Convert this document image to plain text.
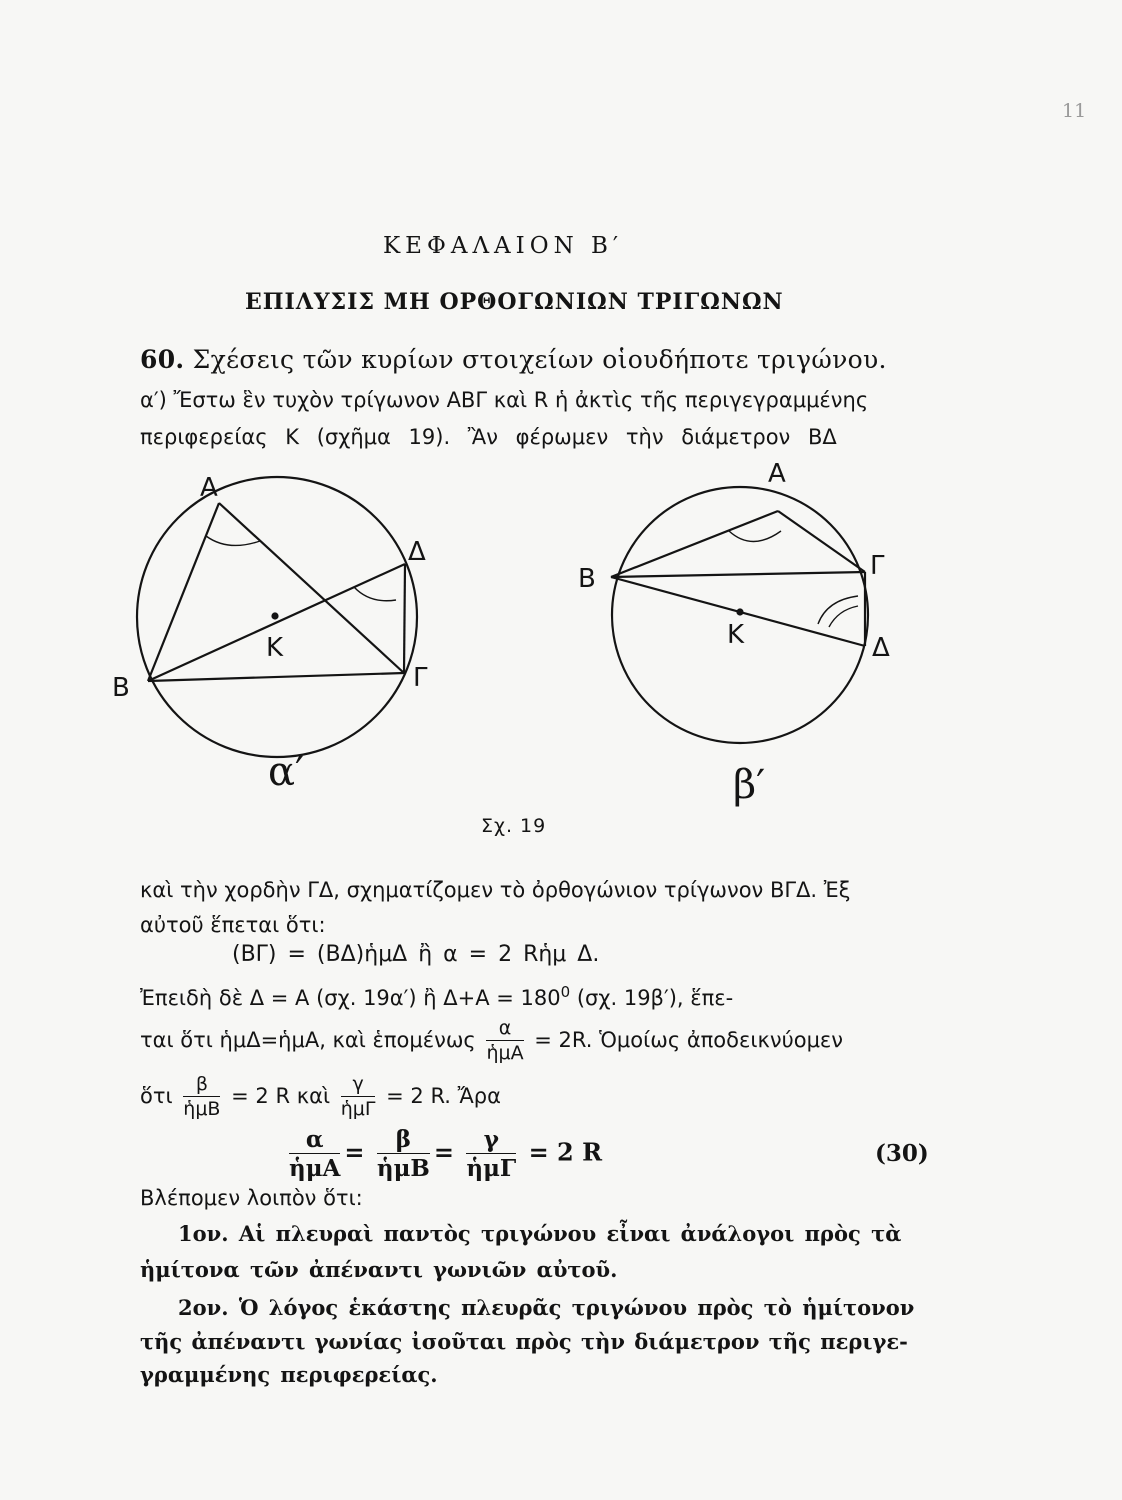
11
ΚΕΦΑΛΑΙΟΝ Β′
ΕΠΙΛΥΣΙΣ ΜΗ ΟΡΘΟΓΩΝΙΩΝ ΤΡΙΓΩΝΩΝ
60. Σχέσεις τῶν κυρίων στοιχείων οἱουδήποτε τριγώνου.
α′) Ἔστω ἓν τυχὸν τρίγωνον ΑΒΓ καὶ R ἡ ἀκτὶς τῆς περιγεγραμμένης
περιφερείας Κ (σχῆμα 19). Ἂν φέρωμεν τὴν διάμετρον ΒΔ
Α
Β	Γ
Δ
Κ
α′
Α
Β	Γ
Δ
Κ
β′
Σχ. 19
καὶ τὴν χορδὴν ΓΔ, σχηματίζομεν τὸ ὀρθογώνιον τρίγωνον ΒΓΔ. Ἐξ
αὐτοῦ ἕπεται ὅτι:
(ΒΓ) = (ΒΔ)ἡμΔ ἢ α = 2 Rἡμ Δ.
Ἐπειδὴ δὲ Δ = Α (σχ. 19α′) ἢ $\Delta+A = 180^0$ (σχ. 19β′), ἕπε-
ται ὅτι ἡμΔ=ἡμΑ, καὶ ἑπομένως $\frac{\alpha}{\text{ἡμΑ}} = 2R$. Ὁμοίως ἀποδεικνύομεν
ὅτι $\frac{\beta}{\text{ἡμΒ}} = 2$ R καὶ $\frac{\gamma}{\text{ἡμΓ}} = 2$ R. Ἄρα
$\frac{\alpha}{\text{ἡμΑ}} = \frac{\beta}{\text{ἡμΒ}} = \frac{\gamma}{\text{ἡμΓ}} = 2$ R	(30)
Βλέπομεν λοιπὸν ὅτι:
1ον. Αἱ πλευραὶ παντὸς τριγώνου εἶναι ἀνάλογοι πρὸς τὰ
ἡμίτονα τῶν ἀπέναντι γωνιῶν αὐτοῦ.
2ον. Ὁ λόγος ἑκάστης πλευρᾶς τριγώνου πρὸς τὸ ἡμίτονον
τῆς ἀπέναντι γωνίας ἰσοῦται πρὸς τὴν διάμετρον τῆς περιγε-
γραμμένης περιφερείας.
